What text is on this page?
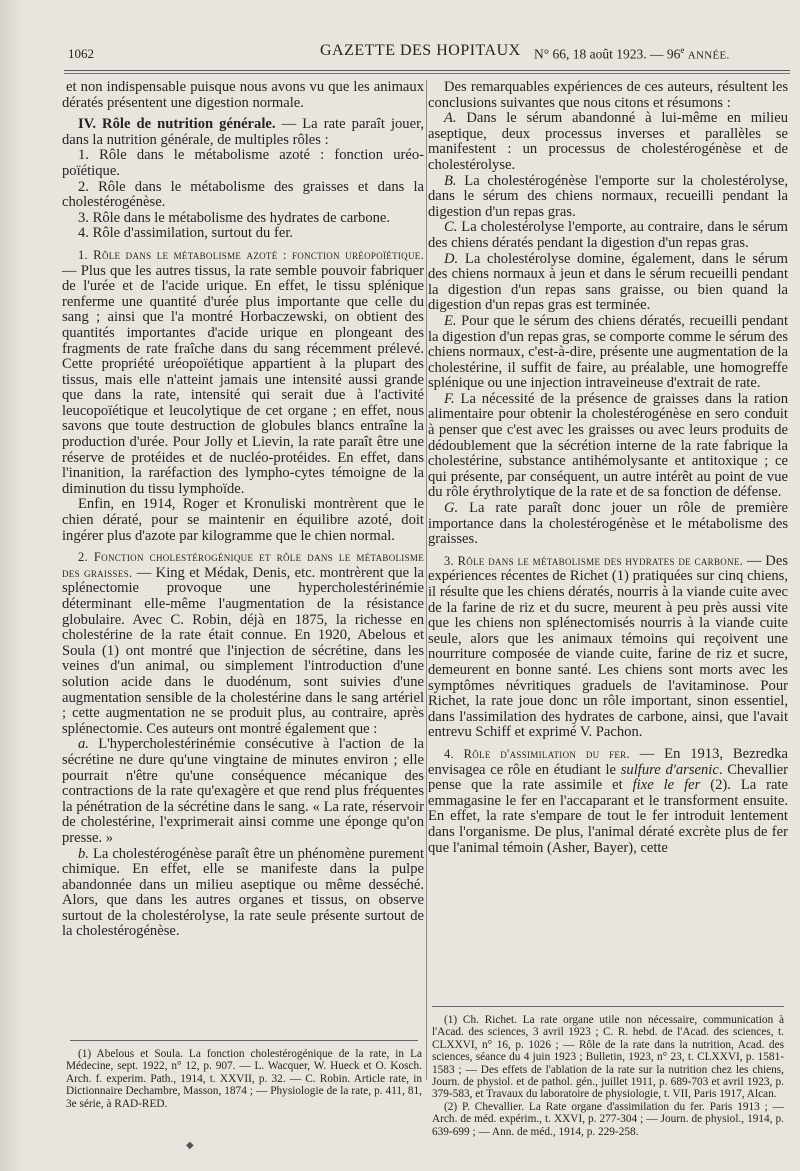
1062	GAZETTE DES HOPITAUX N° 66, 18 août 1923. — 96e ANNÉE.

et non indispensable puisque nous avons vu que les animaux dératés présentent une digestion normale.

IV. Rôle de nutrition générale. — La rate paraît jouer, dans la nutrition générale, de multiples rôles :

1. Rôle dans le métabolisme azoté : fonction uréo-poïétique.

2. Rôle dans le métabolisme des graisses et dans la cholestérogénèse.

3. Rôle dans le métabolisme des hydrates de carbone.

4. Rôle d'assimilation, surtout du fer.

1. Rôle dans le métabolisme azoté : fonction uréopoïétique. — Plus que les autres tissus, la rate semble pouvoir fabriquer de l'urée et de l'acide urique. En effet, le tissu splénique renferme une quantité d'urée plus importante que celle du sang ; ainsi que l'a montré Horbaczewski, on obtient des quantités importantes d'acide urique en plongeant des fragments de rate fraîche dans du sang récemment prélevé. Cette propriété uréopoïétique appartient à la plupart des tissus, mais elle n'atteint jamais une intensité aussi grande que dans la rate, intensité qui serait due à l'activité leucopoïétique et leucolytique de cet organe ; en effet, nous savons que toute destruction de globules blancs entraîne la production d'urée. Pour Jolly et Lievin, la rate paraît être une réserve de protéides et de nucléo-protéides. En effet, dans l'inanition, la raréfaction des lympho-cytes témoigne de la diminution du tissu lymphoïde.

Enfin, en 1914, Roger et Kronuliski montrèrent que le chien dératé, pour se maintenir en équilibre azoté, doit ingérer plus d'azote par kilogramme que le chien normal.

2. Fonction cholestérogénique et rôle dans le métabolisme des graisses. — King et Médak, Denis, etc. montrèrent que la splénectomie provoque une hypercholestérinémie déterminant elle-même l'augmentation de la résistance globulaire. Avec C. Robin, déjà en 1875, la richesse en cholestérine de la rate était connue. En 1920, Abelous et Soula (1) ont montré que l'injection de sécrétine, dans les veines d'un animal, ou simplement l'introduction d'une solution acide dans le duodénum, sont suivies d'une augmentation sensible de la cholestérine dans le sang artériel ; cette augmentation ne se produit plus, au contraire, après splénectomie. Ces auteurs ont montré également que :

a. L'hypercholestérinémie consécutive à l'action de la sécrétine ne dure qu'une vingtaine de minutes environ ; elle pourrait n'être qu'une conséquence mécanique des contractions de la rate qu'exagère et que rend plus fréquentes la pénétration de la sécrétine dans le sang. « La rate, réservoir de cholestérine, l'exprimerait ainsi comme une éponge qu'on presse. »

b. La cholestérogénèse paraît être un phénomène purement chimique. En effet, elle se manifeste dans la pulpe abandonnée dans un milieu aseptique ou même desséché. Alors, que dans les autres organes et tissus, on observe surtout de la cholestérolyse, la rate seule présente surtout de la cholestérogénèse.

Des remarquables expériences de ces auteurs, résultent les conclusions suivantes que nous citons et résumons :

A. Dans le sérum abandonné à lui-même en milieu aseptique, deux processus inverses et parallèles se manifestent : un processus de cholestérogénèse et de cholestérolyse.

B. La cholestérogénèse l'emporte sur la cholestérolyse, dans le sérum des chiens normaux, recueilli pendant la digestion d'un repas gras.

C. La cholestérolyse l'emporte, au contraire, dans le sérum des chiens dératés pendant la digestion d'un repas gras.

D. La cholestérolyse domine, également, dans le sérum des chiens normaux à jeun et dans le sérum recueilli pendant la digestion d'un repas sans graisse, ou bien quand la digestion d'un repas gras est terminée.

E. Pour que le sérum des chiens dératés, recueilli pendant la digestion d'un repas gras, se comporte comme le sérum des chiens normaux, c'est-à-dire, présente une augmentation de la cholestérine, il suffit de faire, au préalable, une homogreffe splénique ou une injection intraveineuse d'extrait de rate.

F. La nécessité de la présence de graisses dans la ration alimentaire pour obtenir la cholestérogénèse en sero conduit à penser que c'est avec les graisses ou avec leurs produits de dédoublement que la sécrétion interne de la rate fabrique la cholestérine, substance antihémolysante et antitoxique ; ce qui présente, par conséquent, un autre intérêt au point de vue du rôle érythrolytique de la rate et de sa fonction de défense.

G. La rate paraît donc jouer un rôle de première importance dans la cholestérogénèse et le métabolisme des graisses.

3. Rôle dans le métabolisme des hydrates de carbone. — Des expériences récentes de Richet (1) pratiquées sur cinq chiens, il résulte que les chiens dératés, nourris à la viande cuite avec de la farine de riz et du sucre, meurent à peu près aussi vite que les chiens non splénectomisés nourris à la viande cuite seule, alors que les animaux témoins qui reçoivent une nourriture composée de viande cuite, farine de riz et sucre, demeurent en bonne santé. Les chiens sont morts avec les symptômes névritiques graduels de l'avitaminose. Pour Richet, la rate joue donc un rôle important, sinon essentiel, dans l'assimilation des hydrates de carbone, ainsi, que l'avait entrevu Schiff et exprimé V. Pachon.

4. Rôle d'assimilation du fer. — En 1913, Bezredka envisagea ce rôle en étudiant le sulfure d'arsenic. Chevallier pense que la rate assimile et fixe le fer (2). La rate emmagasine le fer en l'accaparant et le transforment ensuite. En effet, la rate s'empare de tout le fer introduit lentement dans l'organisme. De plus, l'animal dératé excrète plus de fer que l'animal témoin (Asher, Bayer), cette

(1) Abelous et Soula. La fonction cholestérogénique de la rate, in La Médecine, sept. 1922, n° 12, p. 907. — L. Wacquer, W. Hueck et O. Kosch. Arch. f. experim. Path., 1914, t. XXVII, p. 32. — C. Robin. Article rate, in Dictionnaire Dechambre, Masson, 1874 ; — Physiologie de la rate, p. 411, 81, 3e série, à RAD-RED.

(1) Ch. Richet. La rate organe utile non nécessaire, communication à l'Acad. des sciences, 3 avril 1923 ; C. R. hebd. de l'Acad. des sciences, t. CLXXVI, n° 16, p. 1026 ; — Rôle de la rate dans la nutrition, Acad. des sciences, séance du 4 juin 1923 ; Bulletin, 1923, n° 23, t. CLXXVI, p. 1581-1583 ; — Des effets de l'ablation de la rate sur la nutrition chez les chiens, Journ. de physiol. et de pathol. gén., juillet 1911, p. 689-703 et avril 1923, p. 379-583, et Travaux du laboratoire de physiologie, t. VII, Paris 1917, Alcan.

(2) P. Chevallier. La Rate organe d'assimilation du fer. Paris 1913 ; — Arch. de méd. expérim., t. XXVI, p. 277-304 ; — Journ. de physiol., 1914, p. 639-699 ; — Ann. de méd., 1914, p. 229-258.

◆
